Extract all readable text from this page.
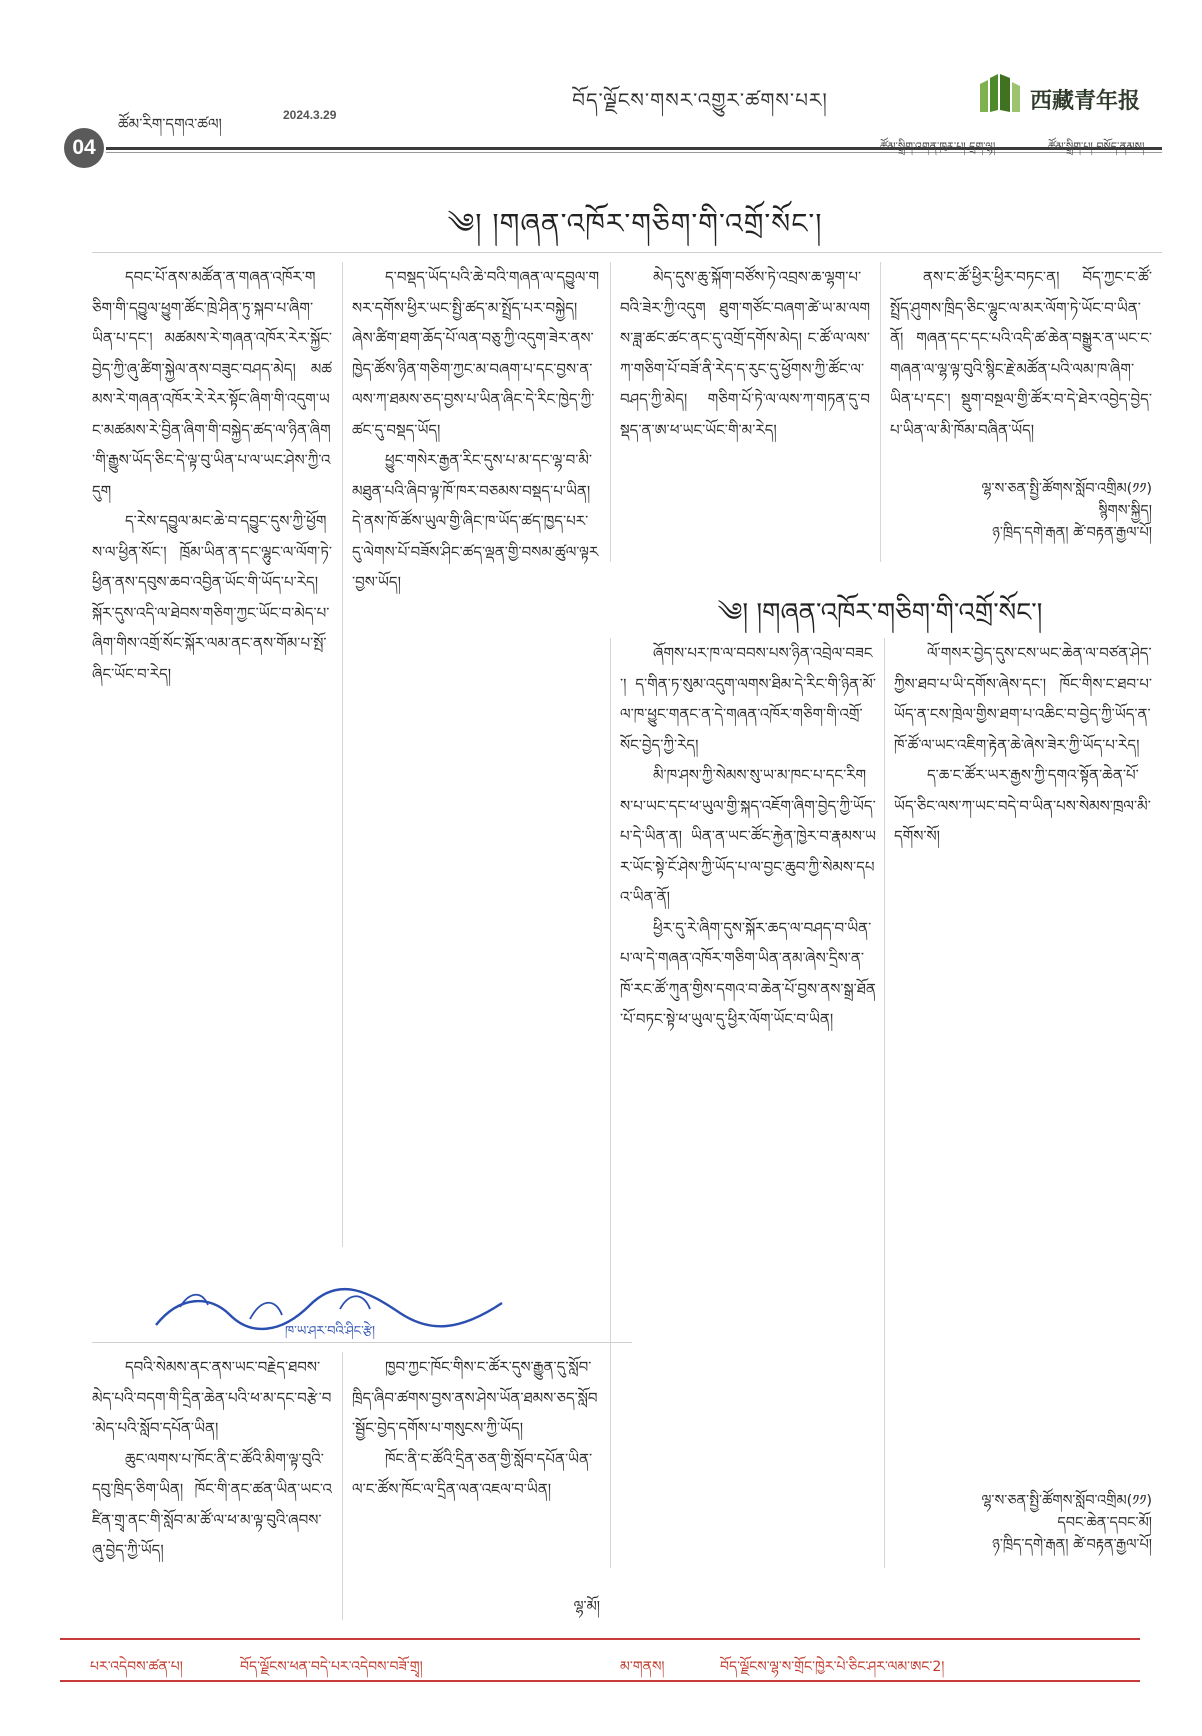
བོད་ལྗོངས་གསར་འགྱུར་ཚགས་པར།	西藏青年报
ཚོམ་རིག་དགའ་ཚལ།	2024.3.29
04	ཚོམ་སྒྲིག་འགན་ཁུར་པ། དྲག་ལྷ།	ཚོམ་སྒྲིག་པ། བསོད་ནམས།
༄། །གཞན་འཁོར་གཅིག་གི་འགྲོ་སོང་།

དབང་པོ་ནས་མཚོན་ན་གཞན་འཁོར་གཅིག་གི་དབྱུལ་ཕྱུག་ཚོང་ཁྲེ་ཤིན་ཏུ་སྐབ་པ་ཞིག་ཡིན་པ་དང་། མཚམས་རེ་གཞན་འཁོར་རེར་སྐྱོང་བྱེད་ཀྱི་ཞུ་ཚིག་སྐྱེལ་ནས་བཟུང་བཤད་མེད། མཚམས་རེ་གཞན་འཁོར་རེ་རེར་སྟོང་ཞིག་གི་འདུག་ཡང་མཚམས་རེ་བྱིན་ཞིག་གི་བསྐྱེད་ཚད་ལ་ཉིན་ཞིག་གི་རྒྱུས་ཡོད་ཅིང་དེ་ལྟ་བུ་ཡིན་པ་ལ་ཡང་ཤེས་ཀྱི་འདུག

ད་རེས་དབྱུལ་མང་ཆེ་བ་དབྱུང་དུས་ཀྱི་ཕྱོགས་ལ་ཕྱིན་སོང་། ཁྲོམ་ཡིན་ན་དང་ལྷུང་ལ་ལོག་ཏེ་ཕྱིན་ནས་དབུས་ཆབ་འབྱིན་ཡོང་གི་ཡོད་པ་རེད། སྐོར་དུས་འདི་ལ་ཐེབས་གཅིག་ཀྱང་ཡོང་བ་མེད་པ་ཞིག་གིས་འགྲོ་སོང་སྐོར་ལམ་ནང་ནས་གོམ་པ་སྤོ་ཞིང་ཡོང་བ་རེད།

ད་བསྡད་ཡོད་པའི་ཆེ་བའི་གཞན་ལ་དབྱུལ་གསར་དགོས་ཕྱིར་ཡང་སྤྱི་ཚད་མ་སྤྲོད་པར་བསྐྱེད། ཞེས་ཚིག་ཐག་ཆོད་པོ་ལན་བཅུ་ཀྱི་འདུག་ཟེར་ནས་ཁྱེད་ཚོས་ཉིན་གཅིག་ཀྱང་མ་བཞག་པ་དང་བྱས་ན་ལས་ཀ་ཐམས་ཅད་བྱས་པ་ཡིན་ཞིང་དེ་རིང་ཁྱེད་ཀྱི་ཚང་དུ་བསྡད་ཡོད།

ཕྱུང་གསེར་རྒྱན་རིང་དུས་པ་མ་དང་ལྷ་བ་མི་མཐུན་པའི་ཞིབ་ལྟ་ཁོ་ཁར་བཅམས་བསྡད་པ་ཡིན། དེ་ནས་ཁོ་ཚོས་ཡུལ་གྱི་ཞིང་ཁ་ཡོད་ཚད་ཁྱད་པར་དུ་ལེགས་པོ་བཟོས་ཤིང་ཚད་ལྡན་གྱི་བསམ་ཚུལ་ལྟར་བྱས་ཡོད།

མེད་དུས་ཆུ་སྐོག་བཙོས་ཏེ་འབྲས་ཆ་ལྷག་པ་བའི་ཟེར་ཀྱི་འདུག ཐུག་གཙོང་བཞག་ཚེ་ཡ་མ་ལགས་ཟླ་ཚང་ཚང་ནང་དུ་འགྲོ་དགོས་མེད། ང་ཚོ་ལ་ལས་ཀ་གཅིག་པོ་བཟོ་ནི་རེད་ད་རུང་དུ་ཕྱོགས་ཀྱི་ཚོང་ལ་བཤད་ཀྱི་མེད། གཅིག་པོ་ཏེ་ལ་ལས་ཀ་གཏན་དུ་བསྡད་ན་ཨ་ཕ་ཡང་ཡོང་གི་མ་རེད།

ནས་ང་ཚོ་ཕྱིར་ཕྱིར་བཏང་ན། བོད་ཀྱང་ང་ཚོ་སྤྲོད་ཤུགས་ཁྲིད་ཅིང་ལྷུང་ལ་མར་ལོག་ཏེ་ཡོང་བ་ཡིན་ནོ། གཞན་དང་དང་པའི་འདི་ཚ་ཆེན་བསྒྱུར་ན་ཡང་ང་གཞན་ལ་ལྷ་ལྟ་བུའི་སྙིང་རྗེ་མཚོན་པའི་ལམ་ཁ་ཞིག་ཡིན་པ་དང་། སྡུག་བསྔལ་གྱི་ཚོར་བ་དེ་ཐེར་འབྱེད་བྱེད་པ་ཡིན་ལ་མི་ཁོམ་བཞིན་ཡོད།

ལྷ་ས་ཅན་སྤྱི་ཚོགས་སློབ་འགྲིམ(༡༡)
སྙིགས་སྐྱིད།
ཉ་ཁྲིད་དགེ་རྒན། ཚེ་བརྟན་རྒྱལ་པོ།
༄། །གཞན་འཁོར་གཅིག་གི་འགྲོ་སོང་།

ཞོགས་པར་ཁ་ལ་བབས་པས་ཉིན་འབྲེལ་བཟང་། ད་གིན་ཏ་སུམ་འདུག་ལགས་ཐིམ་དེ་རིང་གི་ཉིན་མོ་ལ་ཁ་ཕྱུང་གནང་ན་དེ་གཞན་འཁོར་གཅིག་གི་འགྲོ་སོང་བྱེད་ཀྱི་རེད།

མི་ཁ་ཤས་ཀྱི་སེམས་སུ་ཡ་མ་ཁང་པ་དང་རིགས་པ་ཡང་དང་ཕ་ཡུལ་གྱི་སྐད་འཇོག་ཞིག་བྱེད་ཀྱི་ཡོད་པ་དེ་ཡིན་ན། ཡིན་ན་ཡང་ཚོང་རྐྱེན་ཁྱེར་བ་རྣམས་ཡར་ཡོང་སྟེ་ངོ་ཤེས་ཀྱི་ཡོད་པ་ལ་བྱང་ཆུབ་ཀྱི་སེམས་དཔའ་ཡིན་ནོ།

ཕྱིར་དུ་རེ་ཞིག་དུས་སྐོར་ཆད་ལ་བཤད་བ་ཡིན་པ་ལ་དེ་གཞན་འཁོར་གཅིག་ཡིན་ནམ་ཞེས་དྲིས་ན་ཁོ་རང་ཚོ་ཀུན་གྱིས་དགའ་བ་ཆེན་པོ་བྱས་ནས་སྒྲ་ཐོན་པོ་བཏང་སྟེ་ཕ་ཡུལ་དུ་ཕྱིར་ལོག་ཡོང་བ་ཡིན།

ལོ་གསར་བྱེད་དུས་ངས་ཡང་ཆེན་ལ་བཙན་ཤེད་ཀྱིས་ཐབ་པ་ཡི་དགོས་ཞེས་དང་། ཁོང་གིས་ང་ཐབ་པ་ཡོད་ན་ངས་ཁྲེལ་གྱིས་ཐག་པ་འཆིང་བ་བྱེད་ཀྱི་ཡོད་ན་ཁོ་ཚོ་ལ་ཡང་འཇིག་རྟེན་ཆེ་ཞེས་ཟེར་ཀྱི་ཡོད་པ་རེད།

ད་ཆ་ང་ཚོར་ཡར་རྒྱས་ཀྱི་དགའ་སྟོན་ཆེན་པོ་ཡོད་ཅིང་ལས་ཀ་ཡང་བདེ་བ་ཡིན་པས་སེམས་ཁྲལ་མི་དགོས་སོ།

ལྷ་ས་ཅན་སྤྱི་ཚོགས་སློབ་འགྲིམ(༡༡)
དབང་ཆེན་དབང་མོ།
ཉ་ཁྲིད་དགེ་རྒན། ཚེ་བརྟན་རྒྱལ་པོ།
ཁ་ཡ་ཤར་བའི་ཤིང་རྩེ།

དབའི་སེམས་ནང་ནས་ཡང་བརྗེད་ཐབས་མེད་པའི་བདག་གི་དྲིན་ཆེན་པའི་ཕ་མ་དང་བརྩེ་བ་མེད་པའི་སློབ་དཔོན་ཡིན།

ཆུང་ལགས་པ་ཁོང་ནི་ང་ཚོའི་མིག་ལྟ་བུའི་དབུ་ཁྲིད་ཅིག་ཡིན། ཁོང་གི་ནང་ཚན་ཡིན་ཡང་འཛིན་གྲྭ་ནང་གི་སློབ་མ་ཚོ་ལ་ཕ་མ་ལྟ་བུའི་ཞབས་ཞུ་བྱེད་ཀྱི་ཡོད།

ཁྱབ་ཀྱང་ཁོང་གིས་ང་ཚོར་དུས་རྒྱུན་དུ་སློབ་ཁྲིད་ཞིབ་ཚགས་བྱས་ནས་ཤེས་ཡོན་ཐམས་ཅད་སློབ་སྦྱོང་བྱེད་དགོས་པ་གསུངས་ཀྱི་ཡོད།

ཁོང་ནི་ང་ཚོའི་དྲིན་ཅན་གྱི་སློབ་དཔོན་ཡིན་ལ་ང་ཚོས་ཁོང་ལ་དྲིན་ལན་འཇལ་བ་ཡིན།

ལྷ་མོ།
པར་འདེབས་ཚན་པ།	བོད་ལྗོངས་ཕན་བདེ་པར་འདེབས་བཟོ་གྲྭ།	མ་གནས།	བོད་ལྗོངས་ལྷ་ས་གྲོང་ཁྱེར་པེ་ཅིང་ཤར་ལམ་ཨང་2།
